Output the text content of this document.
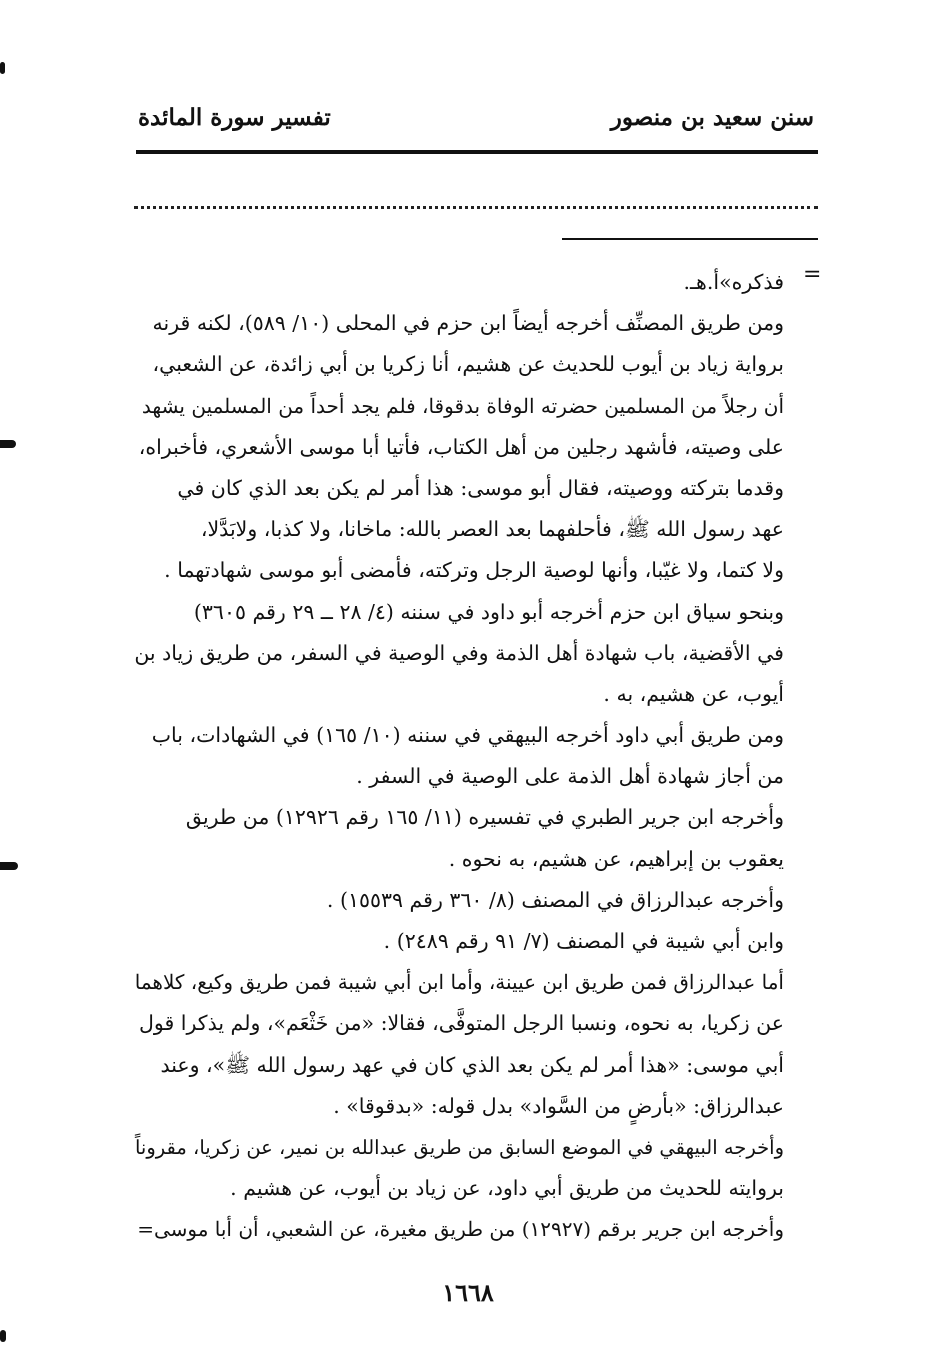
سنن سعيد بن منصور
تفسير سورة المائدة
=
فذكره»أ.هـ.
ومن طريق المصنِّف أخرجه أيضاً ابن حزم في المحلى (١٠/ ٥٨٩)، لكنه قرنه
برواية زياد بن أيوب للحديث عن هشيم، أنا زكريا بن أبي زائدة، عن الشعبي،
أن رجلاً من المسلمين حضرته الوفاة بدقوقا، فلم يجد أحداً من المسلمين يشهد
على وصيته، فأشهد رجلين من أهل الكتاب، فأتيا أبا موسى الأشعري، فأخبراه،
وقدما بتركته ووصيته، فقال أبو موسى: هذا أمر لم يكن بعد الذي كان في
عهد رسول الله ﷺ، فأحلفهما بعد العصر بالله: ماخانا، ولا كذبا، ولابَدَّلا،
ولا كتما، ولا غيّبا، وأنها لوصية الرجل وتركته، فأمضى أبو موسى شهادتهما .
وبنحو سياق ابن حزم أخرجه أبو داود في سننه (٤/ ٢٨ ــ ٢٩ رقم ٣٦٠٥)
في الأقضية، باب شهادة أهل الذمة وفي الوصية في السفر، من طريق زياد بن
أيوب، عن هشيم، به .
ومن طريق أبي داود أخرجه البيهقي في سننه (١٠/ ١٦٥) في الشهادات، باب
من أجاز شهادة أهل الذمة على الوصية في السفر .
وأخرجه ابن جرير الطبري في تفسيره (١١/ ١٦٥ رقم ١٢٩٢٦) من طريق
يعقوب بن إبراهيم، عن هشيم، به نحوه .
وأخرجه عبدالرزاق في المصنف (٨/ ٣٦٠ رقم ١٥٥٣٩) .
وابن أبي شيبة في المصنف (٧/ ٩١ رقم ٢٤٨٩) .
أما عبدالرزاق فمن طريق ابن عيينة، وأما ابن أبي شيبة فمن طريق وكيع، كلاهما
عن زكريا، به نحوه، ونسبا الرجل المتوفَّى، فقالا: «من خَثْعَم»، ولم يذكرا قول
أبي موسى: «هذا أمر لم يكن بعد الذي كان في عهد رسول الله ﷺ»، وعند
عبدالرزاق: «بأرضٍ من السَّواد» بدل قوله: «بدقوقا» .
وأخرجه البيهقي في الموضع السابق من طريق عبدالله بن نمير، عن زكريا، مقروناً
بروايته للحديث من طريق أبي داود، عن زياد بن أيوب، عن هشيم .
وأخرجه ابن جرير برقم (١٢٩٢٧) من طريق مغيرة، عن الشعبي، أن أبا موسى=
١٦٦٨
